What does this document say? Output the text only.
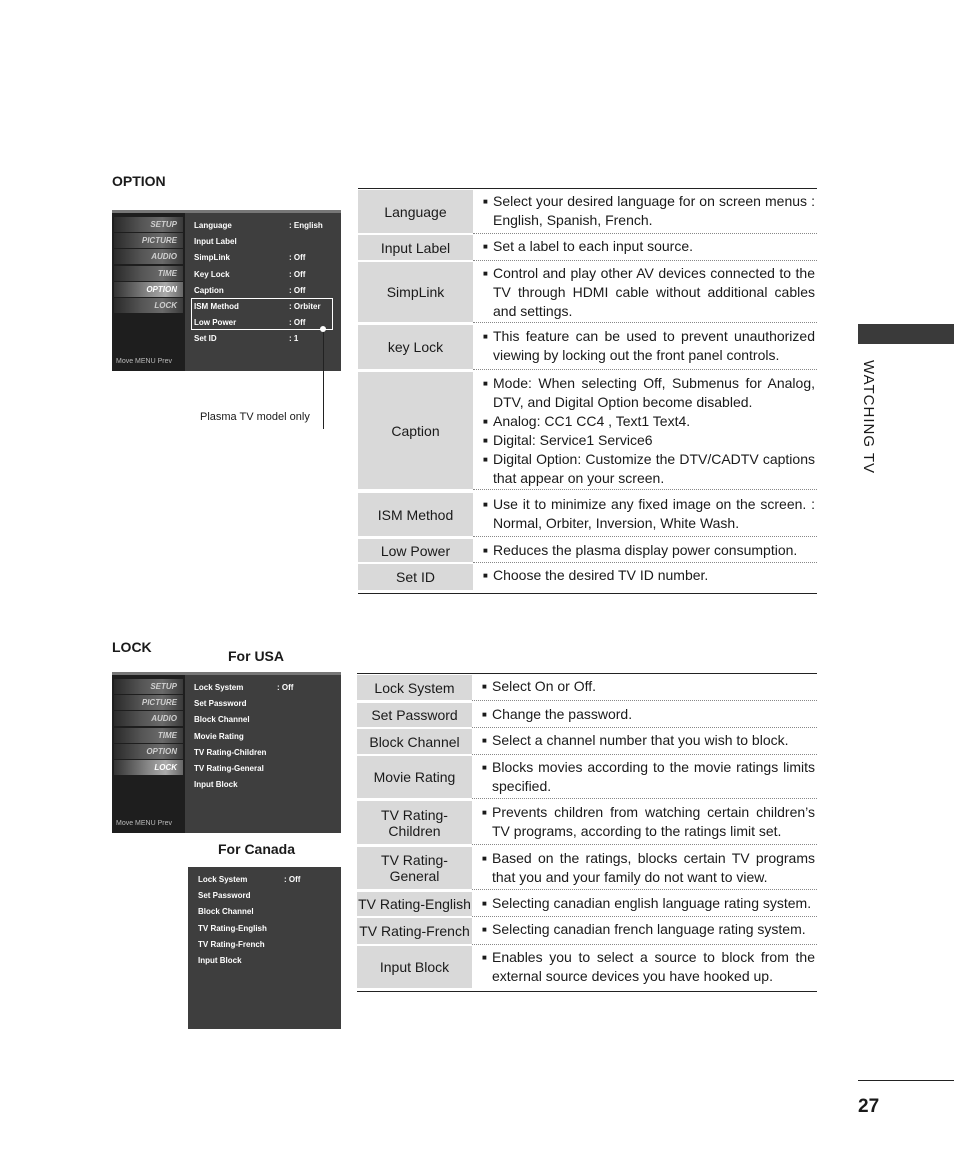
WATCHING TV
OPTION
SETUP
PICTURE
AUDIO
TIME
OPTION
LOCK
Move MENU Prev
Language	: English
Input Label
SimpLink	: Off
Key Lock	: Off
Caption	: Off
ISM Method	: Orbiter
Low Power	: Off
Set ID	: 1
Plasma TV model only
Language
■ Select your desired language for on screen menus : English, Spanish, French.
Input Label	■ Set a label to each input source.
SimpLink
■ Control and play other AV devices connected to the TV through HDMI cable without additional cables and settings.
key Lock
■ This feature can be used to prevent unauthorized viewing by locking out the front panel controls.
Caption
■ Mode: When selecting Off, Submenus for Analog, DTV, and Digital Option become disabled.
■ Analog: CC1 CC4 , Text1 Text4.
■ Digital: Service1 Service6
■ Digital Option: Customize the DTV/CADTV captions that appear on your screen.
ISM Method
■ Use it to minimize any fixed image on the screen. : Normal, Orbiter, Inversion, White Wash.
Low Power	■ Reduces the plasma display power consumption.
Set ID	■ Choose the desired TV ID number.
LOCK
For USA
SETUP
PICTURE
AUDIO
TIME
OPTION
LOCK
Move MENU Prev
Lock System	: Off
Set Password
Block Channel
Movie Rating
TV Rating-Children
TV Rating-General
Input Block
For Canada
Lock System	: Off
Set Password
Block Channel
TV Rating-English
TV Rating-French
Input Block
Lock System	■ Select On or Off.
Set Password	■ Change the password.
Block Channel	■ Select a channel number that you wish to block.
Movie Rating
■ Blocks movies according to the movie ratings limits specified.
TV Rating-Children
■ Prevents children from watching certain children’s TV programs, according to the ratings limit set.
TV Rating-General
■ Based on the ratings, blocks certain TV programs that you and your family do not want to view.
TV Rating-English ■ Selecting canadian english language rating system.
TV Rating-French ■ Selecting canadian french language rating system.
Input Block
■ Enables you to select a source to block from the external source devices you have hooked up.
27
